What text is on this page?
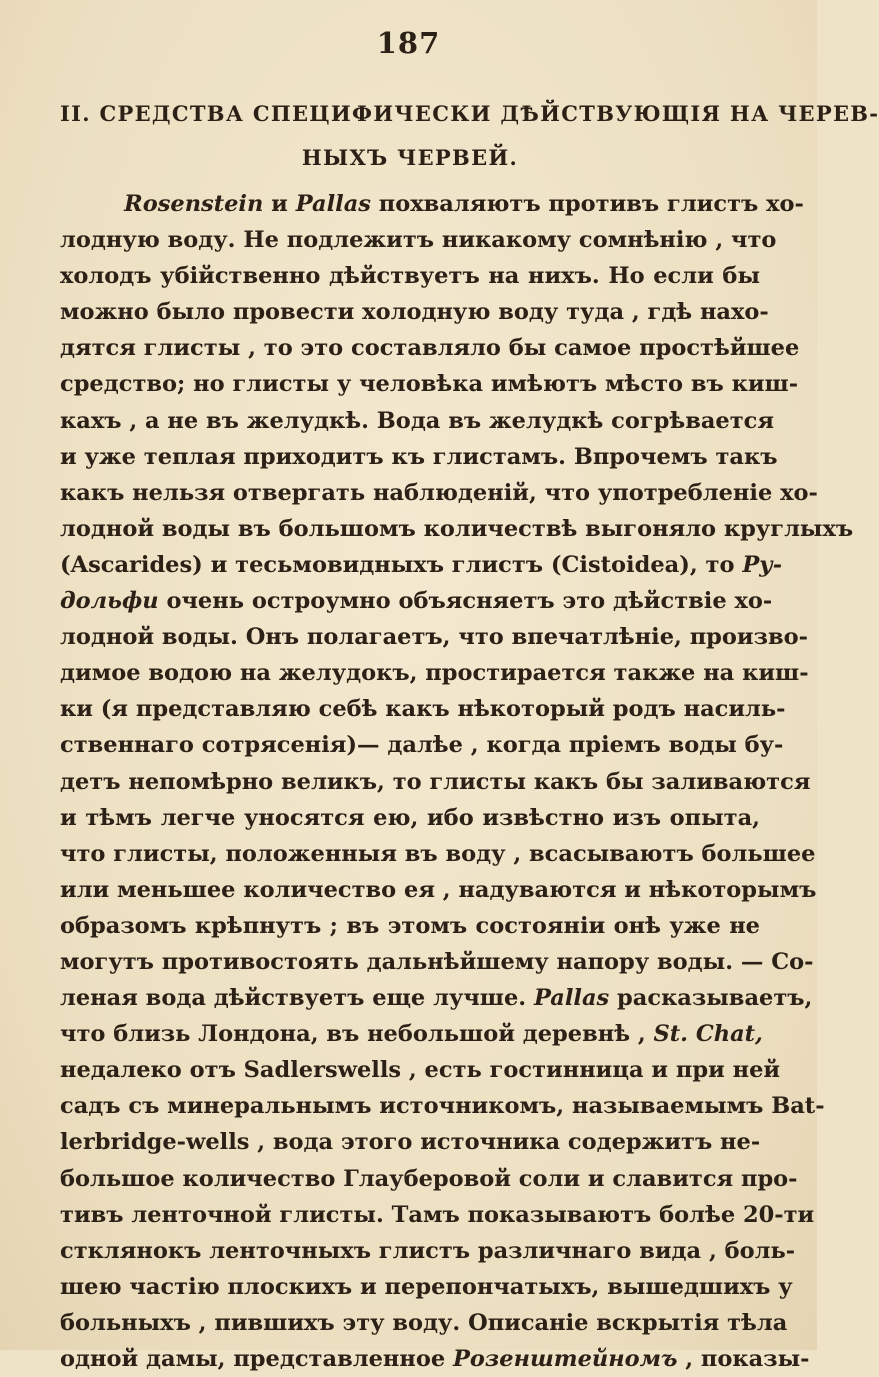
187
II. СРЕДСТВА СПЕЦИФИЧЕСКИ ДѢЙСТВУЮЩІЯ НА ЧЕРЕВ-
НЫХЪ ЧЕРВЕЙ.
Rosenstein и Pallas похваляютъ противъ глистъ хо-
лодную воду. Не подлежитъ никакому сомнѣнію , что
холодъ убійственно дѣйствуетъ на нихъ. Но если бы
можно было провести холодную воду туда , гдѣ нахо-
дятся глисты , то это составляло бы самое простѣйшее
средство; но глисты у человѣка имѣютъ мѣсто въ киш-
кахъ , а не въ желудкѣ. Вода въ желудкѣ согрѣвается
и уже теплая приходитъ къ глистамъ. Впрочемъ такъ
какъ нельзя отвергать наблюденій, что употребленіе хо-
лодной воды въ большомъ количествѣ выгоняло круглыхъ
(Ascarides) и тесьмовидныхъ глистъ (Cistoidea), то Ру-
дольфи очень остроумно объясняетъ это дѣйствіе хо-
лодной воды. Онъ полагаетъ, что впечатлѣніе, произво-
димое водою на желудокъ, простирается также на киш-
ки (я представляю себѣ какъ нѣкоторый родъ насиль-
ственнаго сотрясенія)— далѣе , когда пріемъ воды бу-
детъ непомѣрно великъ, то глисты какъ бы заливаются
и тѣмъ легче уносятся ею, ибо извѣстно изъ опыта,
что глисты, положенныя въ воду , всасываютъ большее
или меньшее количество ея , надуваются и нѣкоторымъ
образомъ крѣпнутъ ; въ этомъ состояніи онѣ уже не
могутъ противостоять дальнѣйшему напору воды. — Со-
леная вода дѣйствуетъ еще лучше. Pallas расказываетъ,
что близь Лондона, въ небольшой деревнѣ , St. Chat,
недалеко отъ Sadlerswells , есть гостинница и при ней
садъ съ минеральнымъ источникомъ, называемымъ Bat-
lerbridge-wells , вода этого источника содержитъ не-
большое количество Глауберовой соли и славится про-
тивъ ленточной глисты. Тамъ показываютъ болѣе 20-ти
стклянокъ ленточныхъ глистъ различнаго вида , боль-
шею частію плоскихъ и перепончатыхъ, вышедшихъ у
больныхъ , пившихъ эту воду. Описаніе вскрытія тѣла
одной дамы, представленное Розенштейномъ , показы-
